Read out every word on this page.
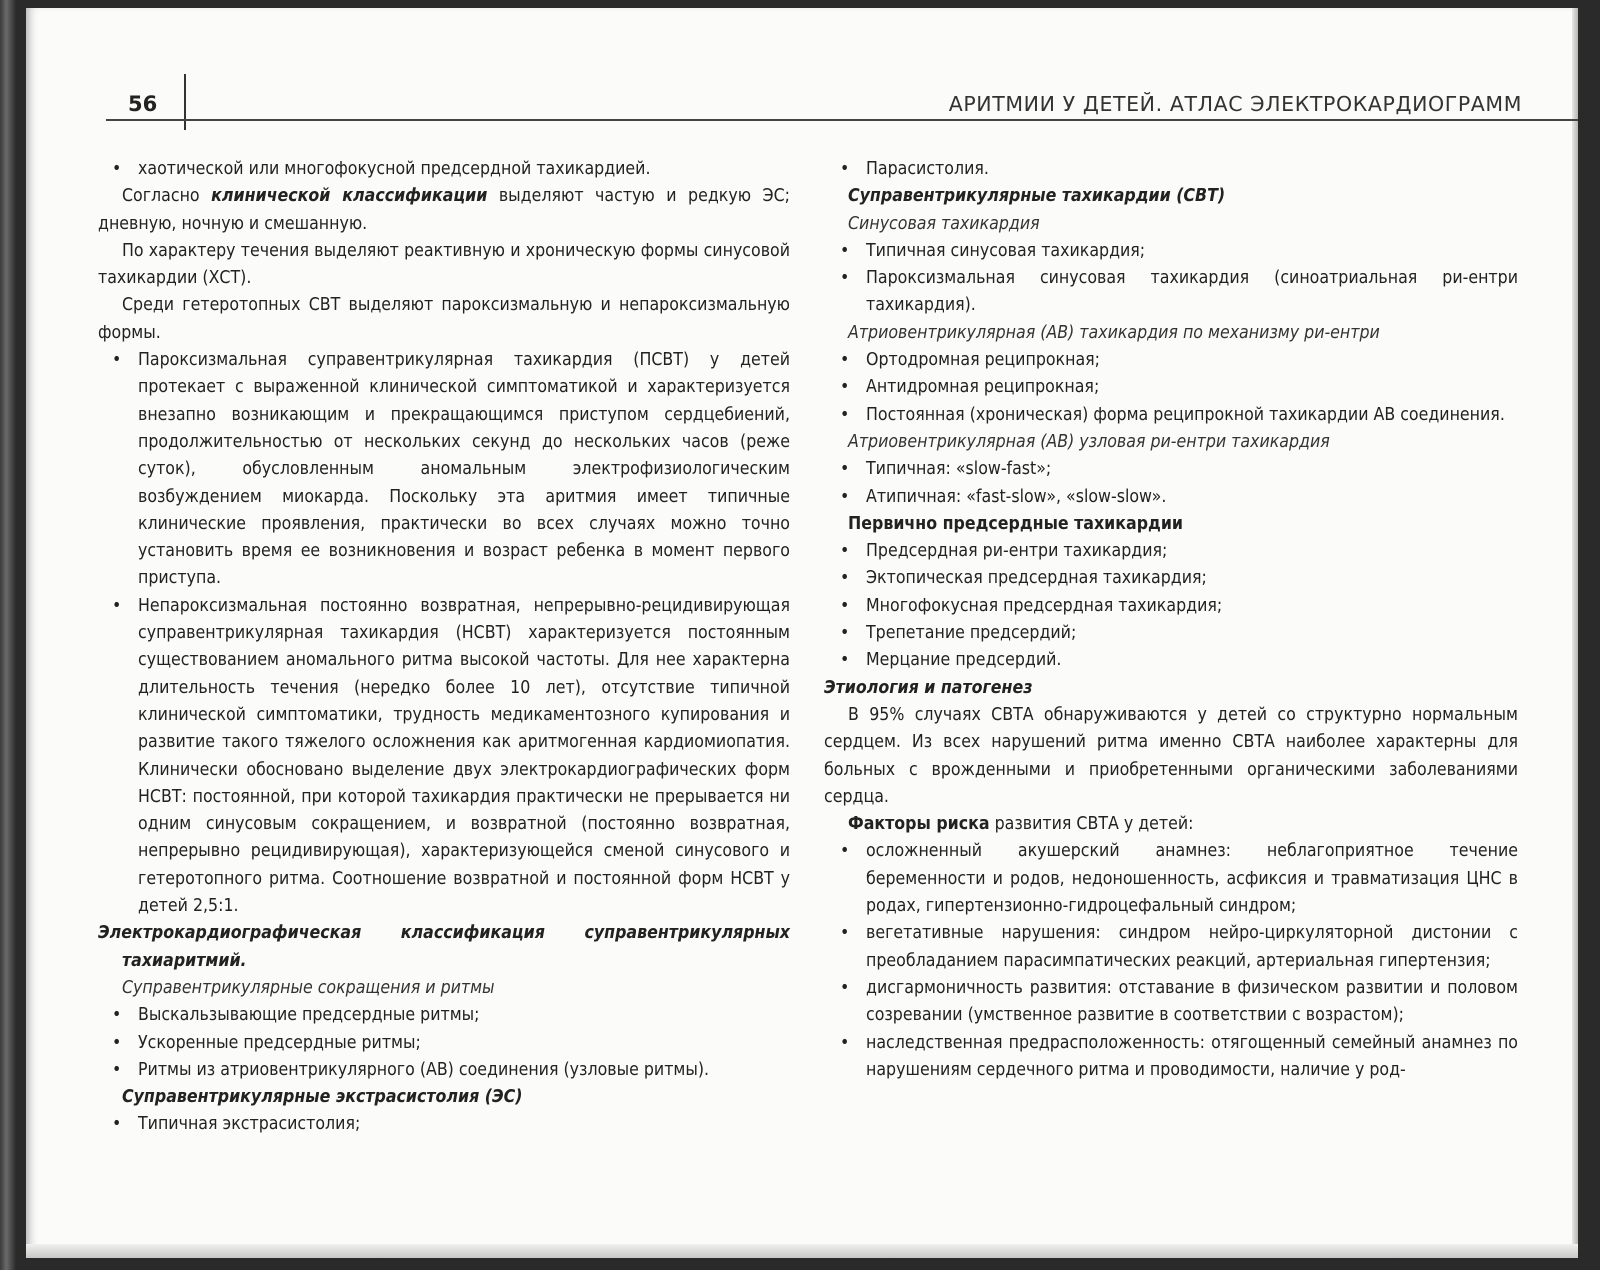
56	АРИТМИИ У ДЕТЕЙ. АТЛАС ЭЛЕКТРОКАРДИОГРАММ
• хаотической или многофокусной предсердной тахикардией.

Согласно клинической классификации выделяют частую и редкую ЭС; дневную, ночную и смешанную.

По характеру течения выделяют реактивную и хроническую формы синусовой тахикардии (ХСТ).

Среди гетеротопных СВТ выделяют пароксизмальную и непароксизмальную формы.

• Пароксизмальная суправентрикулярная тахикардия (ПСВТ) у детей протекает с выраженной клинической симптоматикой и характеризуется внезапно возникающим и прекращающимся приступом сердцебиений, продолжительностью от нескольких секунд до нескольких часов (реже суток), обусловленным аномальным электрофизиологическим возбуждением миокарда. Поскольку эта аритмия имеет типичные клинические проявления, практически во всех случаях можно точно установить время ее возникновения и возраст ребенка в момент первого приступа.
• Непароксизмальная постоянно возвратная, непрерывно-рецидивирующая суправентрикулярная тахикардия (НСВТ) характеризуется постоянным существованием аномального ритма высокой частоты. Для нее характерна длительность течения (нередко более 10 лет), отсутствие типичной клинической симптоматики, трудность медикаментозного купирования и развитие такого тяжелого осложнения как аритмогенная кардиомиопатия. Клинически обосновано выделение двух электрокардиографических форм НСВТ: постоянной, при которой тахикардия практически не прерывается ни одним синусовым сокращением, и возвратной (постоянно возвратная, непрерывно рецидивирующая), характеризующейся сменой синусового и гетеротопного ритма. Соотношение возвратной и постоянной форм НСВТ у детей 2,5:1.

Электрокардиографическая классификация суправентрикулярных тахиаритмий.

Суправентрикулярные сокращения и ритмы

• Выскальзывающие предсердные ритмы;
• Ускоренные предсердные ритмы;
• Ритмы из атриовентрикулярного (АВ) соединения (узловые ритмы).

Суправентрикулярные экстрасистолия (ЭС)

• Типичная экстрасистолия;
• Парасистолия.

Суправентрикулярные тахикардии (СВТ)

Синусовая тахикардия

• Типичная синусовая тахикардия;
• Пароксизмальная синусовая тахикардия (синоатриальная ри-ентри тахикардия).

Атриовентрикулярная (АВ) тахикардия по механизму ри-ентри

• Ортодромная реципрокная;
• Антидромная реципрокная;
• Постоянная (хроническая) форма реципрокной тахикардии АВ соединения.

Атриовентрикулярная (АВ) узловая ри-ентри тахикардия

• Типичная: «slow-fast»;
• Атипичная: «fast-slow», «slow-slow».

Первично предсердные тахикардии

• Предсердная ри-ентри тахикардия;
• Эктопическая предсердная тахикардия;
• Многофокусная предсердная тахикардия;
• Трепетание предсердий;
• Мерцание предсердий.

Этиология и патогенез

В 95% случаях СВТА обнаруживаются у детей со структурно нормальным сердцем. Из всех нарушений ритма именно СВТА наиболее характерны для больных с врожденными и приобретенными органическими заболеваниями сердца.

Факторы риска развития СВТА у детей:

• осложненный акушерский анамнез: неблагоприятное течение беременности и родов, недоношенность, асфиксия и травматизация ЦНС в родах, гипертензионно-гидроцефальный синдром;
• вегетативные нарушения: синдром нейро-циркуляторной дистонии с преобладанием парасимпатических реакций, артериальная гипертензия;
• дисгармоничность развития: отставание в физическом развитии и половом созревании (умственное развитие в соответствии с возрастом);
• наследственная предрасположенность: отягощенный семейный анамнез по нарушениям сердечного ритма и проводимости, наличие у род-
